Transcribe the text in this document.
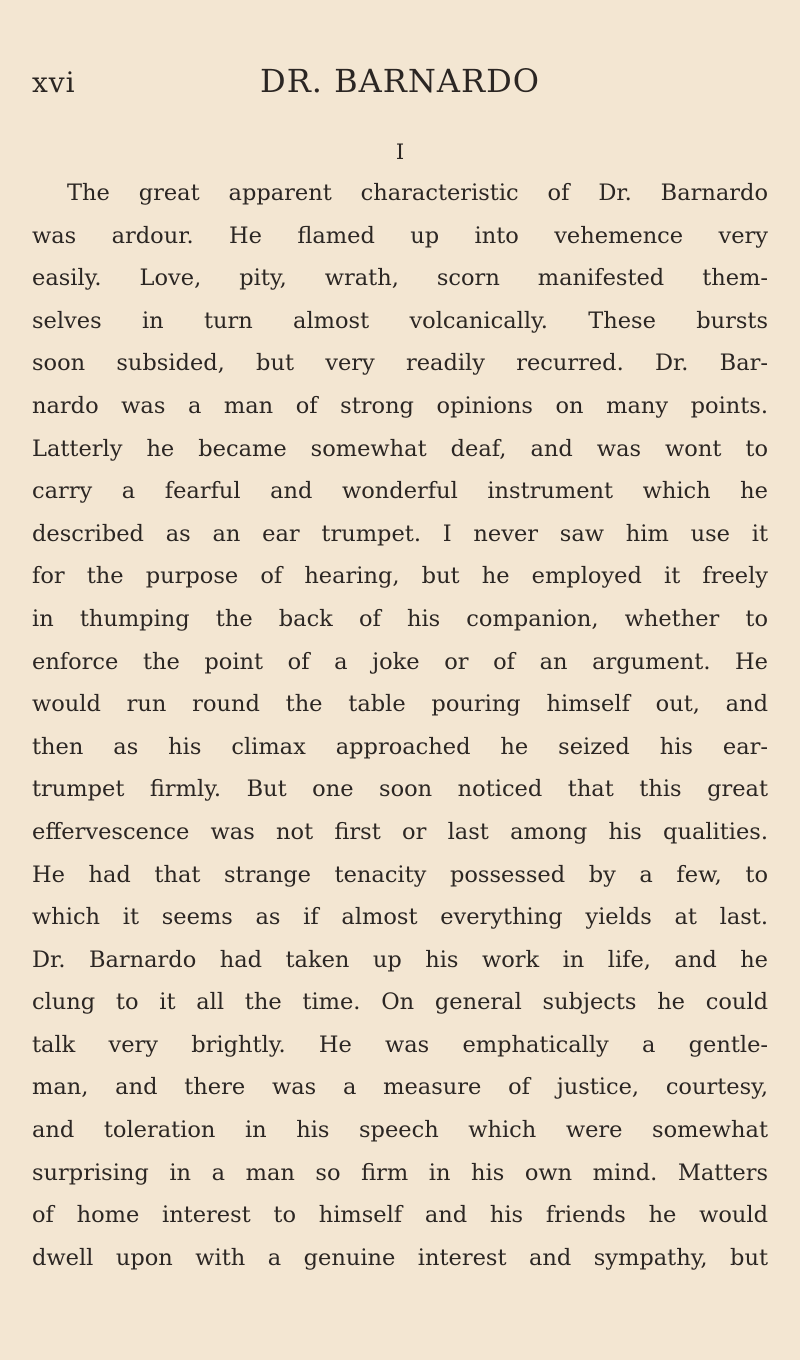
xvi	DR. BARNARDO
I
The great apparent characteristic of Dr. Barnardo
was ardour. He flamed up into vehemence very
easily. Love, pity, wrath, scorn manifested them-
selves in turn almost volcanically. These bursts
soon subsided, but very readily recurred. Dr. Bar-
nardo was a man of strong opinions on many points.
Latterly he became somewhat deaf, and was wont to
carry a fearful and wonderful instrument which he
described as an ear trumpet. I never saw him use it
for the purpose of hearing, but he employed it freely
in thumping the back of his companion, whether to
enforce the point of a joke or of an argument. He
would run round the table pouring himself out, and
then as his climax approached he seized his ear-
trumpet firmly. But one soon noticed that this great
effervescence was not first or last among his qualities.
He had that strange tenacity possessed by a few, to
which it seems as if almost everything yields at last.
Dr. Barnardo had taken up his work in life, and he
clung to it all the time. On general subjects he could
talk very brightly. He was emphatically a gentle-
man, and there was a measure of justice, courtesy,
and toleration in his speech which were somewhat
surprising in a man so firm in his own mind. Matters
of home interest to himself and his friends he would
dwell upon with a genuine interest and sympathy, but
